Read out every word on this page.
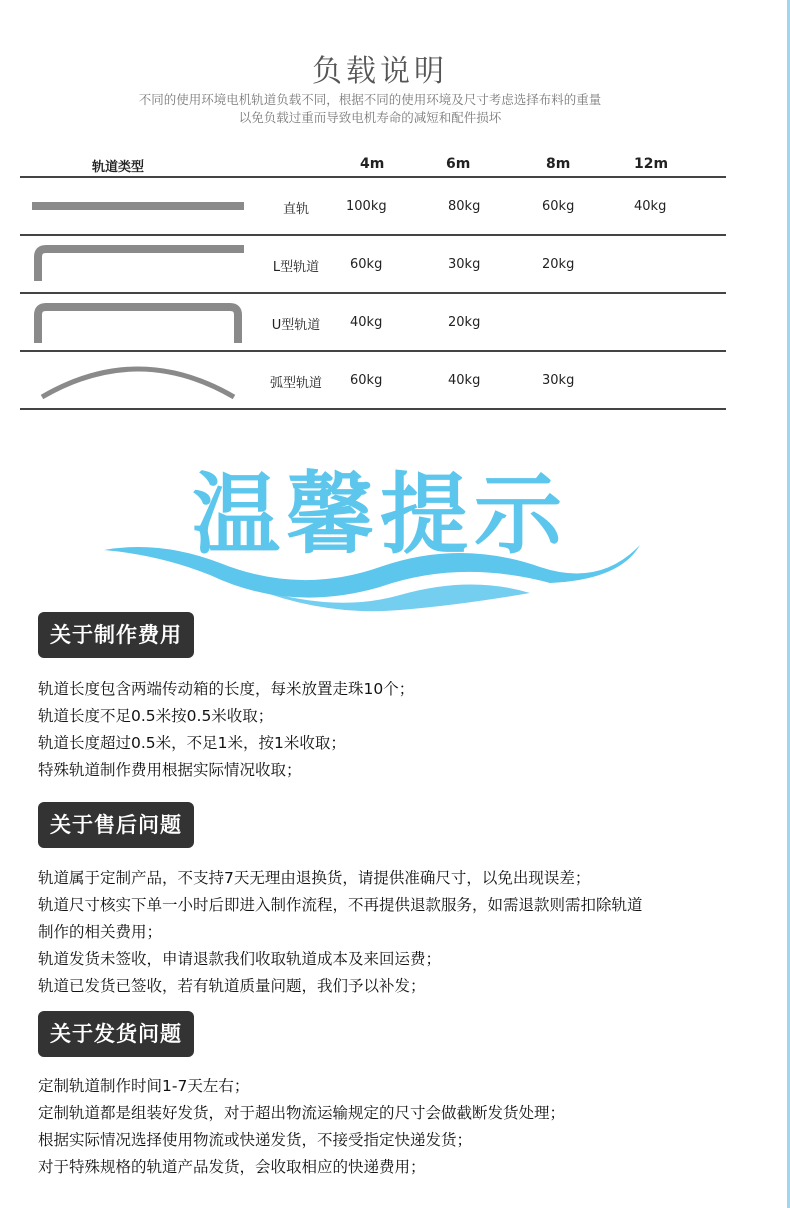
负载说明
不同的使用环境电机轨道负载不同，根据不同的使用环境及尺寸考虑选择布料的重量
以免负载过重而导致电机寿命的减短和配件损坏
轨道类型	4m	6m	8m	12m
直轨	100kg	80kg	60kg	40kg
L型轨道	60kg	30kg	20kg
U型轨道	40kg	20kg
弧型轨道	60kg	40kg	30kg
温馨提示
关于制作费用
轨道长度包含两端传动箱的长度，每米放置走珠10个；
轨道长度不足0.5米按0.5米收取；
轨道长度超过0.5米，不足1米，按1米收取；
特殊轨道制作费用根据实际情况收取；
关于售后问题
轨道属于定制产品，不支持7天无理由退换货，请提供准确尺寸，以免出现误差；
轨道尺寸核实下单一小时后即进入制作流程，不再提供退款服务，如需退款则需扣除轨道
制作的相关费用；
轨道发货未签收，申请退款我们收取轨道成本及来回运费；
轨道已发货已签收，若有轨道质量问题，我们予以补发；
关于发货问题
定制轨道制作时间1-7天左右；
定制轨道都是组装好发货，对于超出物流运输规定的尺寸会做截断发货处理；
根据实际情况选择使用物流或快递发货，不接受指定快递发货；
对于特殊规格的轨道产品发货，会收取相应的快递费用；
